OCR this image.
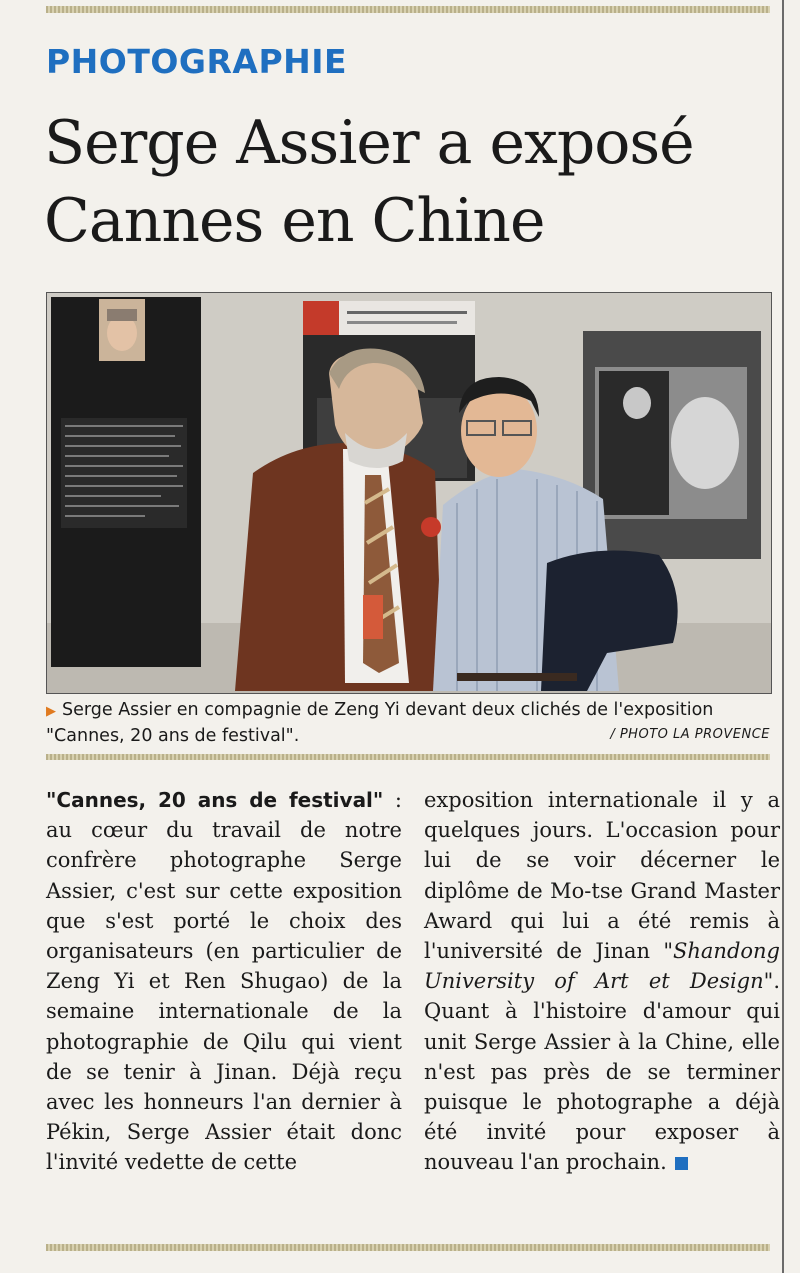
PHOTOGRAPHIE
Serge Assier a exposé Cannes en Chine
▶ Serge Assier en compagnie de Zeng Yi devant deux clichés de l'exposition "Cannes, 20 ans de festival".	/ PHOTO LA PROVENCE

"Cannes, 20 ans de festival" : au cœur du travail de notre confrère photographe Serge Assier, c'est sur cette exposition que s'est porté le choix des organisateurs (en particulier de Zeng Yi et Ren Shugao) de la semaine internationale de la photographie de Qilu qui vient de se tenir à Jinan. Déjà reçu avec les honneurs l'an dernier à Pékin, Serge Assier était donc l'invité vedette de cette

exposition internationale il y a quelques jours. L'occasion pour lui de se voir décerner le diplôme de Mo-tse Grand Master Award qui lui a été remis à l'université de Jinan "Shandong University of Art et Design". Quant à l'histoire d'amour qui unit Serge Assier à la Chine, elle n'est pas près de se terminer puisque le photographe a déjà été invité pour exposer à nouveau l'an prochain.
